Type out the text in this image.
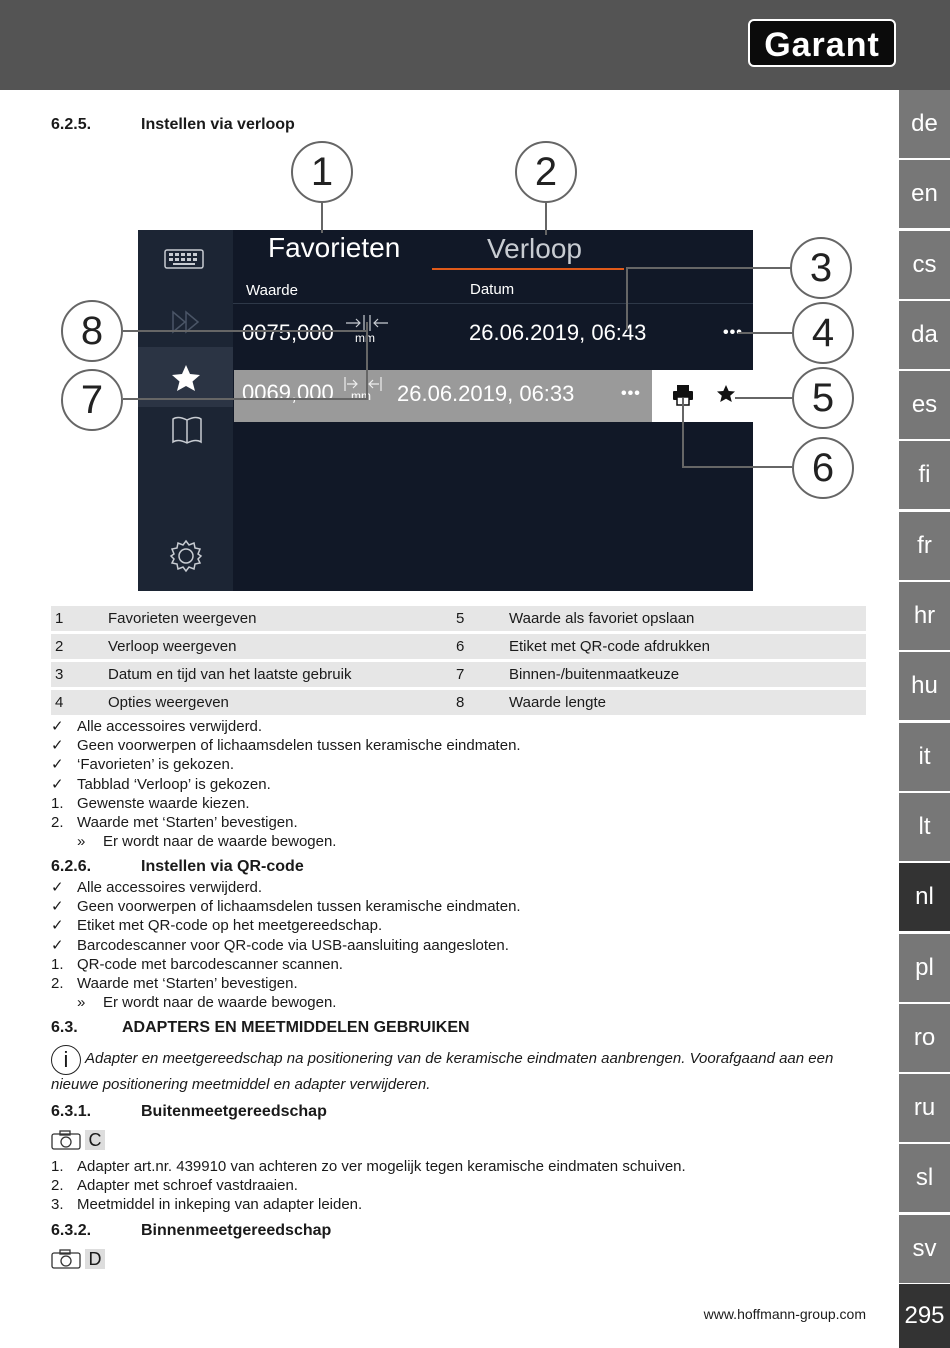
Garant
de
en
cs
da
es
fi
fr
hr
hu
it
lt
nl
pl
ro
ru
sl
sv
295
6.2.5.	Instellen via verloop
Favorieten	Verloop
Waarde	Datum
0075,000 mm	26.06.2019, 06:43	•••
0069,000 mm 26.06.2019, 06:33	•••
1	2
3
4
5
6
7
8
1	Favorieten weergeven	5	Waarde als favoriet opslaan
2	Verloop weergeven	6	Etiket met QR-code afdrukken
3	Datum en tijd van het laatste gebruik	7	Binnen-/buitenmaatkeuze
4	Opties weergeven	8	Waarde lengte
✓ Alle accessoires verwijderd.
✓ Geen voorwerpen of lichaamsdelen tussen keramische eindmaten.
✓ ‘Favorieten’ is gekozen.
✓ Tabblad ‘Verloop’ is gekozen.
1. Gewenste waarde kiezen.
2. Waarde met ‘Starten’ bevestigen.
» Er wordt naar de waarde bewogen.
6.2.6.	Instellen via QR-code
✓ Alle accessoires verwijderd.
✓ Geen voorwerpen of lichaamsdelen tussen keramische eindmaten.
✓ Etiket met QR-code op het meetgereedschap.
✓ Barcodescanner voor QR-code via USB-aansluiting aangesloten.
1. QR-code met barcodescanner scannen.
2. Waarde met ‘Starten’ bevestigen.
» Er wordt naar de waarde bewogen.
6.3.	ADAPTERS EN MEETMIDDELEN GEBRUIKEN
i Adapter en meetgereedschap na positionering van de keramische eindmaten aanbrengen. Voorafgaand aan een nieuwe positionering meetmiddel en adapter verwijderen.
6.3.1.	Buitenmeetgereedschap
C
1. Adapter art.nr. 439910 van achteren zo ver mogelijk tegen keramische eindmaten schuiven.
2. Adapter met schroef vastdraaien.
3. Meetmiddel in inkeping van adapter leiden.
6.3.2.	Binnenmeetgereedschap
D
www.hoffmann-group.com
